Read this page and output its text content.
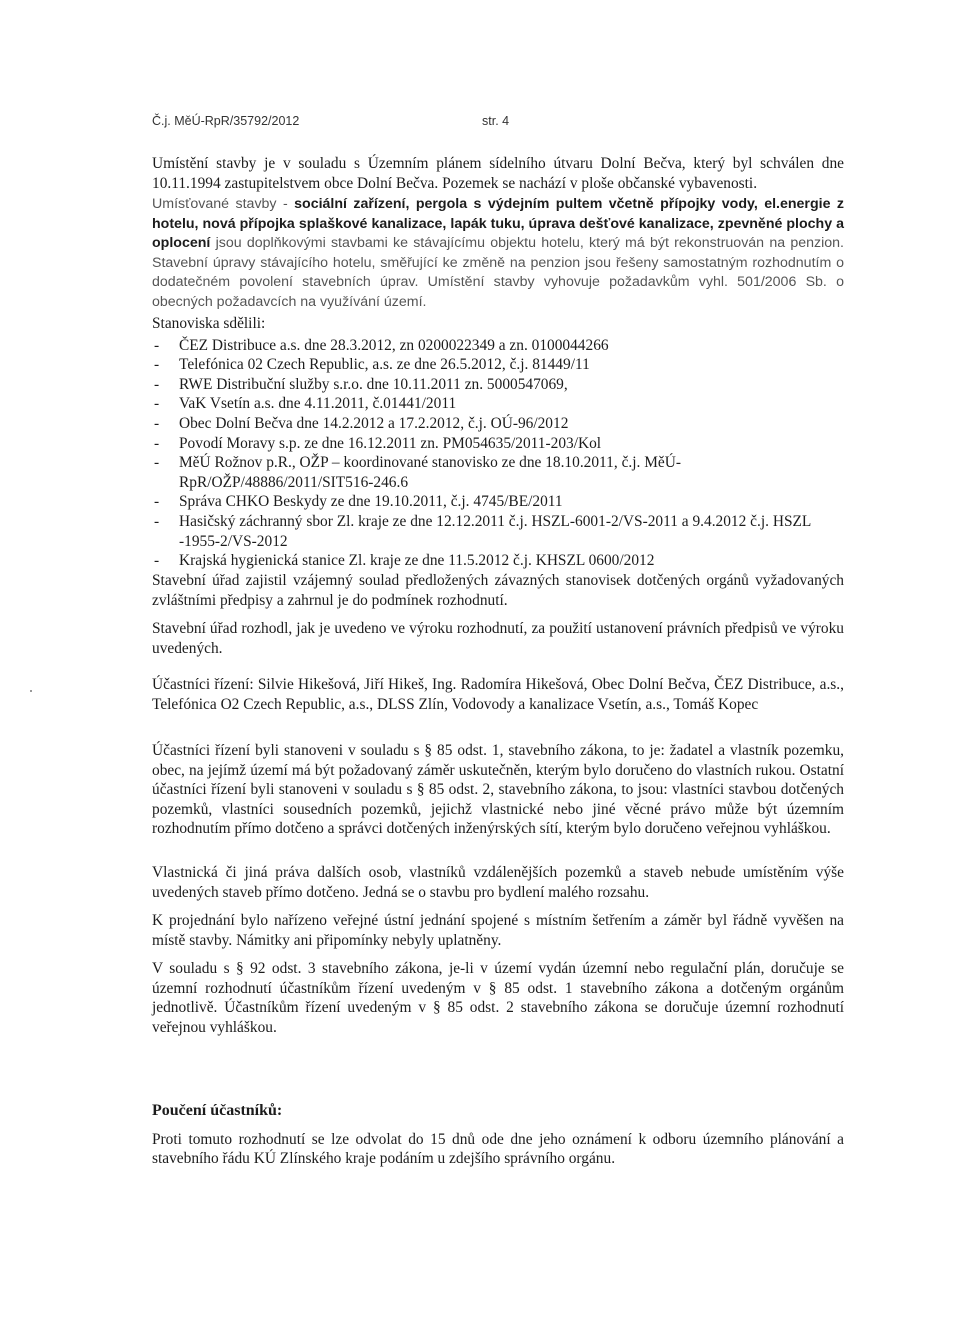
Č.j. MěÚ-RpR/35792/2012	str. 4

Umístění stavby je v souladu s Územním plánem sídelního útvaru Dolní Bečva, který byl schválen dne 10.11.1994 zastupitelstvem obce Dolní Bečva. Pozemek se nachází v ploše občanské vybavenosti.

Umísťované stavby - sociální zařízení, pergola s výdejním pultem včetně přípojky vody, el.energie z hotelu, nová přípojka splaškové kanalizace, lapák tuku, úprava dešťové kanalizace, zpevněné plochy a oplocení jsou doplňkovými stavbami ke stávajícímu objektu hotelu, který má být rekonstruován na penzion. Stavební úpravy stávajícího hotelu, směřující ke změně na penzion jsou řešeny samostatným rozhodnutím o dodatečném povolení stavebních úprav. Umístění stavby vyhovuje požadavkům vyhl. 501/2006 Sb. o obecných požadavcích na využívání území.

Stanoviska sdělili:
- ČEZ Distribuce a.s. dne 28.3.2012, zn 0200022349 a zn. 0100044266
- Telefónica 02 Czech Republic, a.s. ze dne 26.5.2012, č.j. 81449/11
- RWE Distribuční služby s.r.o. dne 10.11.2011 zn. 5000547069,
- VaK Vsetín a.s. dne 4.11.2011, č.01441/2011
- Obec Dolní Bečva dne 14.2.2012 a 17.2.2012, č.j. OÚ-96/2012
- Povodí Moravy s.p. ze dne 16.12.2011 zn. PM054635/2011-203/Kol
- MěÚ Rožnov p.R., OŽP – koordinované stanovisko ze dne 18.10.2011, č.j. MěÚ-RpR/OŽP/48886/2011/SIT516-246.6
- Správa CHKO Beskydy ze dne 19.10.2011, č.j. 4745/BE/2011
- Hasičský záchranný sbor Zl. kraje ze dne 12.12.2011 č.j. HSZL-6001-2/VS-2011 a 9.4.2012 č.j. HSZL -1955-2/VS-2012
- Krajská hygienická stanice Zl. kraje ze dne 11.5.2012 č.j. KHSZL 0600/2012

Stavební úřad zajistil vzájemný soulad předložených závazných stanovisek dotčených orgánů vyžadovaných zvláštními předpisy a zahrnul je do podmínek rozhodnutí.

Stavební úřad rozhodl, jak je uvedeno ve výroku rozhodnutí, za použití ustanovení právních předpisů ve výroku uvedených.

Účastníci řízení: Silvie Hikešová, Jiří Hikeš, Ing. Radomíra Hikešová, Obec Dolní Bečva, ČEZ Distribuce, a.s., Telefónica O2 Czech Republic, a.s., DLSS Zlín, Vodovody a kanalizace Vsetín, a.s., Tomáš Kopec

Účastníci řízení byli stanoveni v souladu s § 85 odst. 1, stavebního zákona, to je: žadatel a vlastník pozemku, obec, na jejímž území má být požadovaný záměr uskutečněn, kterým bylo doručeno do vlastních rukou. Ostatní účastníci řízení byli stanoveni v souladu s § 85 odst. 2, stavebního zákona, to jsou: vlastníci stavbou dotčených pozemků, vlastníci sousedních pozemků, jejichž vlastnické nebo jiné věcné právo může být územním rozhodnutím přímo dotčeno a správci dotčených inženýrských sítí, kterým bylo doručeno veřejnou vyhláškou.

Vlastnická či jiná práva dalších osob, vlastníků vzdálenějších pozemků a staveb nebude umístěním výše uvedených staveb přímo dotčeno. Jedná se o stavbu pro bydlení malého rozsahu.

K projednání bylo nařízeno veřejné ústní jednání spojené s místním šetřením a záměr byl řádně vyvěšen na místě stavby. Námitky ani připomínky nebyly uplatněny.

V souladu s § 92 odst. 3 stavebního zákona, je-li v území vydán územní nebo regulační plán, doručuje se územní rozhodnutí účastníkům řízení uvedeným v § 85 odst. 1 stavebního zákona a dotčeným orgánům jednotlivě. Účastníkům řízení uvedeným v § 85 odst. 2 stavebního zákona se doručuje územní rozhodnutí veřejnou vyhláškou.

Poučení účastníků:

Proti tomuto rozhodnutí se lze odvolat do 15 dnů ode dne jeho oznámení k odboru územního plánování a stavebního řádu KÚ Zlínského kraje podáním u zdejšího správního orgánu.
